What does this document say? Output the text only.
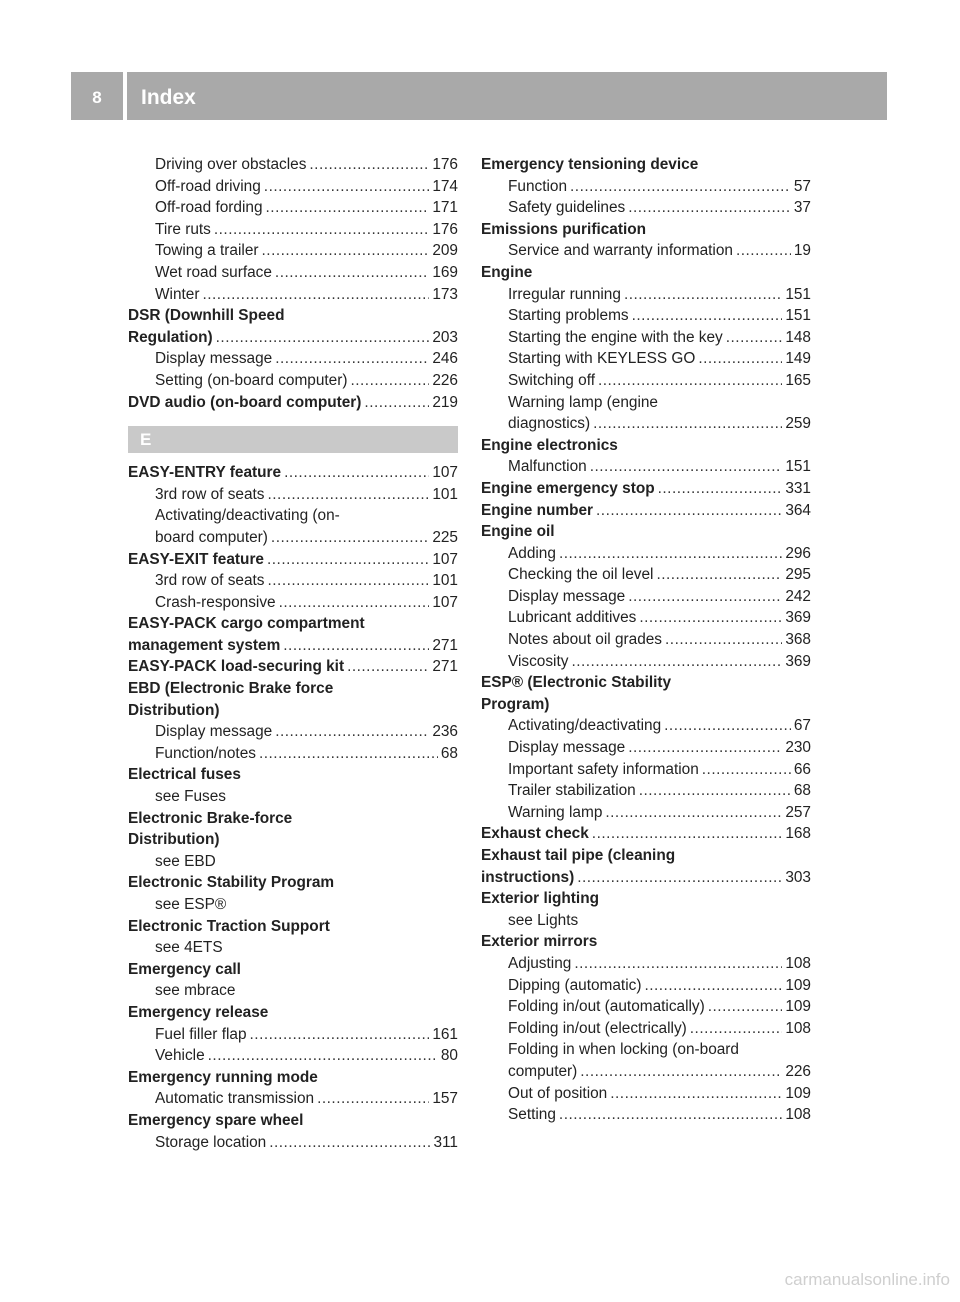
8	Index
Driving over obstacles .....	176
Off-road driving .....	174
Off-road fording .....	171
Tire ruts .....	176
Towing a trailer .....	209
Wet road surface .....	169
Winter .....	173
DSR (Downhill Speed
Regulation) .....	203
Display message .....	246
Setting (on-board computer) .....	226
DVD audio (on-board computer) .....	219
E
EASY-ENTRY feature .....	107
3rd row of seats .....	101
Activating/deactivating (on-
board computer) .....	225
EASY-EXIT feature .....	107
3rd row of seats .....	101
Crash-responsive .....	107
EASY-PACK cargo compartment
management system .....	271
EASY-PACK load-securing kit .....	271
EBD (Electronic Brake force
Distribution)
Display message .....	236
Function/notes .....	68
Electrical fuses
see Fuses
Electronic Brake-force
Distribution)
see EBD
Electronic Stability Program
see ESP®
Electronic Traction Support
see 4ETS
Emergency call
see mbrace
Emergency release
Fuel filler flap .....	161
Vehicle .....	80
Emergency running mode
Automatic transmission .....	157
Emergency spare wheel
Storage location .....	311
Emergency tensioning device
Function .....	57
Safety guidelines .....	37
Emissions purification
Service and warranty information .....	19
Engine
Irregular running .....	151
Starting problems .....	151
Starting the engine with the key .....	148
Starting with KEYLESS GO .....	149
Switching off .....	165
Warning lamp (engine
diagnostics) .....	259
Engine electronics
Malfunction .....	151
Engine emergency stop .....	331
Engine number .....	364
Engine oil
Adding .....	296
Checking the oil level .....	295
Display message .....	242
Lubricant additives .....	369
Notes about oil grades .....	368
Viscosity .....	369
ESP® (Electronic Stability
Program)
Activating/deactivating .....	67
Display message .....	230
Important safety information .....	66
Trailer stabilization .....	68
Warning lamp .....	257
Exhaust check .....	168
Exhaust tail pipe (cleaning
instructions) .....	303
Exterior lighting
see Lights
Exterior mirrors
Adjusting .....	108
Dipping (automatic) .....	109
Folding in/out (automatically) .....	109
Folding in/out (electrically) .....	108
Folding in when locking (on-board
computer) .....	226
Out of position .....	109
Setting .....	108
carmanualsonline.info
